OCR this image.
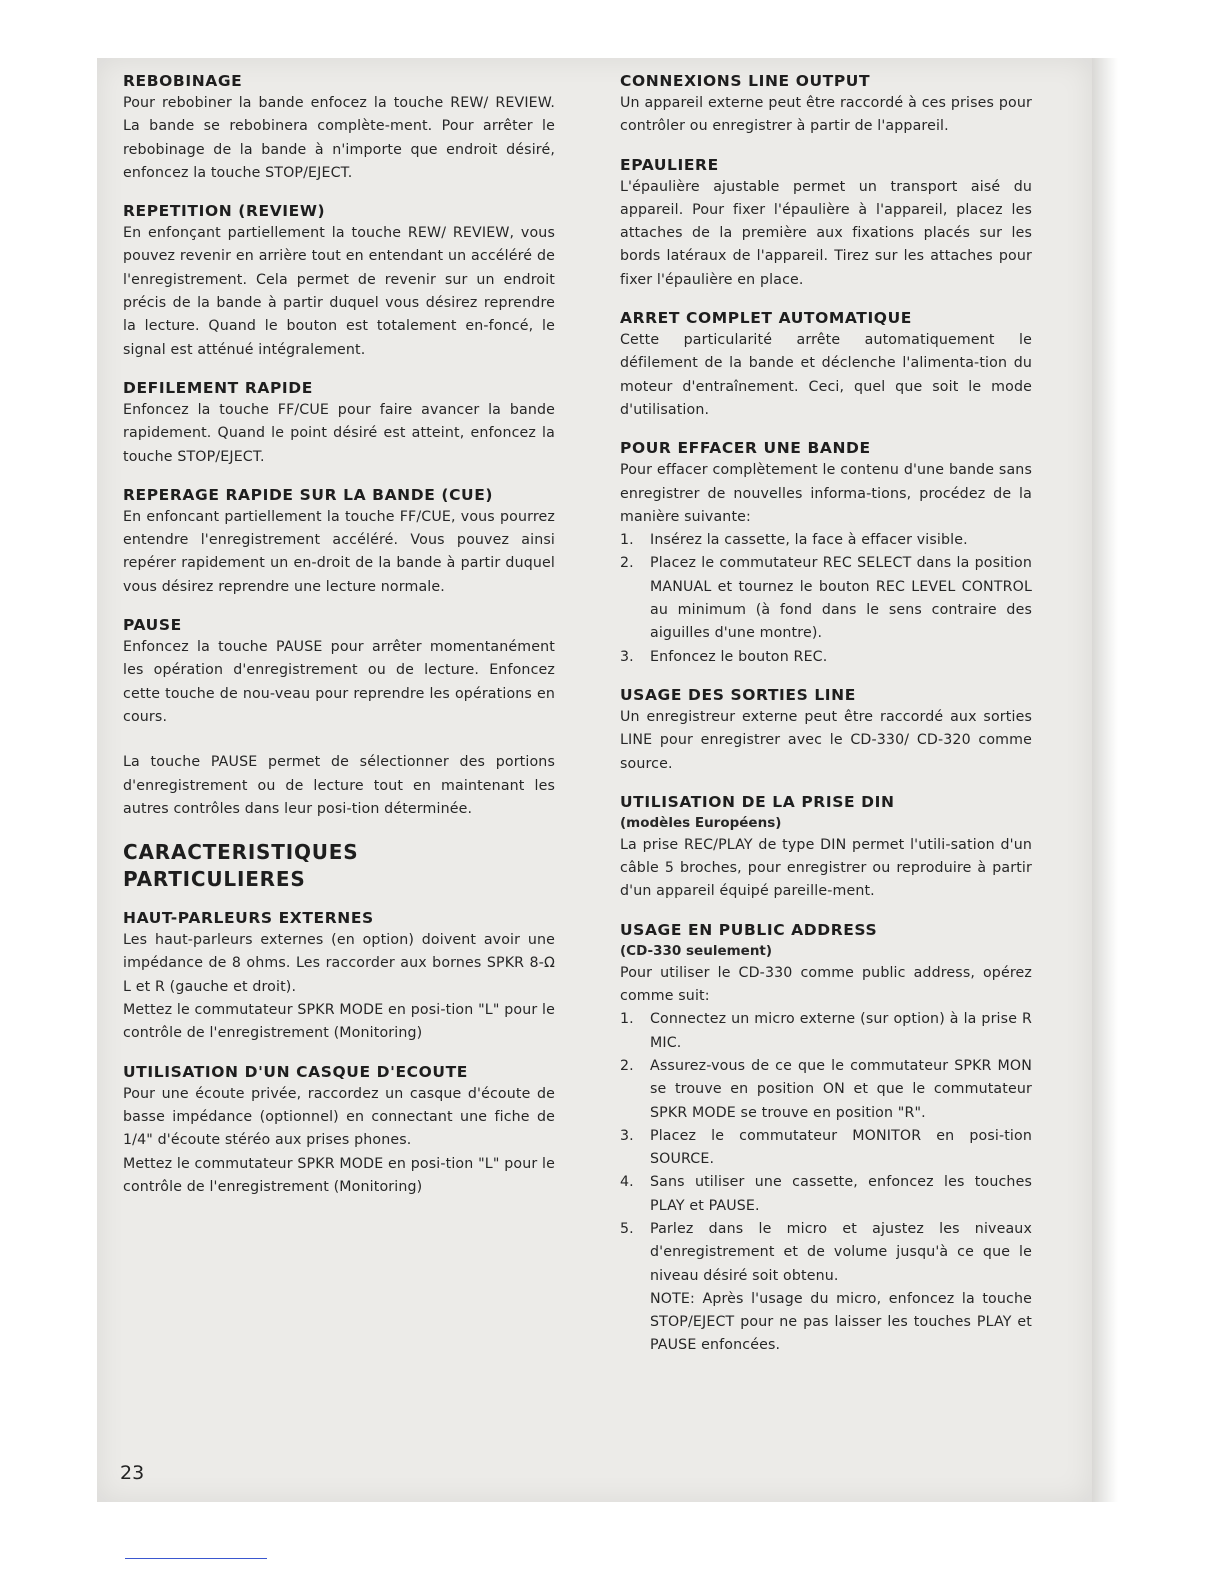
REBOBINAGE

Pour rebobiner la bande enfocez la touche REW/ REVIEW. La bande se rebobinera complète-ment. Pour arrêter le rebobinage de la bande à n'importe que endroit désiré, enfoncez la touche STOP/EJECT.

REPETITION (REVIEW)

En enfonçant partiellement la touche REW/ REVIEW, vous pouvez revenir en arrière tout en entendant un accéléré de l'enregistrement. Cela permet de revenir sur un endroit précis de la bande à partir duquel vous désirez reprendre la lecture. Quand le bouton est totalement en-foncé, le signal est atténué intégralement.

DEFILEMENT RAPIDE

Enfoncez la touche FF/CUE pour faire avancer la bande rapidement. Quand le point désiré est atteint, enfoncez la touche STOP/EJECT.

REPERAGE RAPIDE SUR LA BANDE (CUE)

En enfoncant partiellement la touche FF/CUE, vous pourrez entendre l'enregistrement accéléré. Vous pouvez ainsi repérer rapidement un en-droit de la bande à partir duquel vous désirez reprendre une lecture normale.

PAUSE

Enfoncez la touche PAUSE pour arrêter momentanément les opération d'enregistrement ou de lecture. Enfoncez cette touche de nou-veau pour reprendre les opérations en cours.

La touche PAUSE permet de sélectionner des portions d'enregistrement ou de lecture tout en maintenant les autres contrôles dans leur posi-tion déterminée.

CARACTERISTIQUES
PARTICULIERES
HAUT-PARLEURS EXTERNES

Les haut-parleurs externes (en option) doivent avoir une impédance de 8 ohms. Les raccorder aux bornes SPKR 8-Ω L et R (gauche et droit).

Mettez le commutateur SPKR MODE en posi-tion "L" pour le contrôle de l'enregistrement (Monitoring)

UTILISATION D'UN CASQUE D'ECOUTE

Pour une écoute privée, raccordez un casque d'écoute de basse impédance (optionnel) en connectant une fiche de 1/4" d'écoute stéréo aux prises phones.

Mettez le commutateur SPKR MODE en posi-tion "L" pour le contrôle de l'enregistrement (Monitoring)

CONNEXIONS LINE OUTPUT

Un appareil externe peut être raccordé à ces prises pour contrôler ou enregistrer à partir de l'appareil.

EPAULIERE

L'épaulière ajustable permet un transport aisé du appareil. Pour fixer l'épaulière à l'appareil, placez les attaches de la première aux fixations placés sur les bords latéraux de l'appareil. Tirez sur les attaches pour fixer l'épaulière en place.

ARRET COMPLET AUTOMATIQUE

Cette particularité arrête automatiquement le défilement de la bande et déclenche l'alimenta-tion du moteur d'entraînement. Ceci, quel que soit le mode d'utilisation.

POUR EFFACER UNE BANDE

Pour effacer complètement le contenu d'une bande sans enregistrer de nouvelles informa-tions, procédez de la manière suivante:

1.	Insérez la cassette, la face à effacer visible.
2.	Placez le commutateur REC SELECT dans la position MANUAL et tournez le bouton REC LEVEL CONTROL au minimum (à fond dans le sens contraire des aiguilles d'une montre).
3.	Enfoncez le bouton REC.
USAGE DES SORTIES LINE

Un enregistreur externe peut être raccordé aux sorties LINE pour enregistrer avec le CD-330/ CD-320 comme source.

UTILISATION DE LA PRISE DIN
(modèles Européens)

La prise REC/PLAY de type DIN permet l'utili-sation d'un câble 5 broches, pour enregistrer ou reproduire à partir d'un appareil équipé pareille-ment.

USAGE EN PUBLIC ADDRESS
(CD-330 seulement)

Pour utiliser le CD-330 comme public address, opérez comme suit:

1.	Connectez un micro externe (sur option) à la prise R MIC.
2.	Assurez-vous de ce que le commutateur SPKR MON se trouve en position ON et que le commutateur SPKR MODE se trouve en position "R".
3.	Placez le commutateur MONITOR en posi-tion SOURCE.
4.	Sans utiliser une cassette, enfoncez les touches PLAY et PAUSE.
5.	Parlez dans le micro et ajustez les niveaux d'enregistrement et de volume jusqu'à ce que le niveau désiré soit obtenu.
NOTE: Après l'usage du micro, enfoncez la touche STOP/EJECT pour ne pas laisser les touches PLAY et PAUSE enfoncées.
23
